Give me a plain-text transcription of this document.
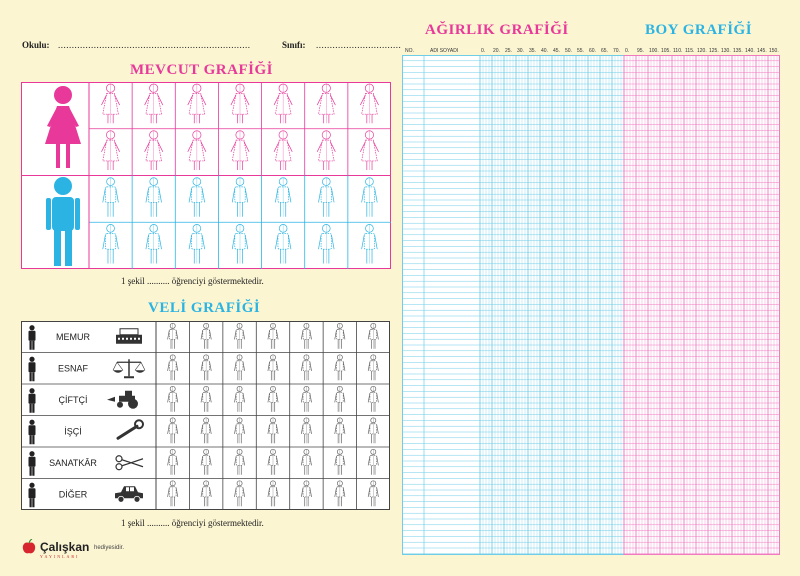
Okulu: ......................................................................	Sınıfı: ...............................
MEVCUT GRAFİĞİ
1 şekil .......... öğrenciyi göstermektedir.
VELİ GRAFİĞİ
MEMUR
ESNAF
ÇİFTÇİ
İŞÇİ
SANATKÂR
DİĞER
1 şekil .......... öğrenciyi göstermektedir.
Çalışkan
YAYINLARI
hediyesidir.
AĞIRLIK GRAFİĞİ	BOY GRAFİĞİ
NO.	ADI SOYADI	0. 20. 25. 30. 35. 40. 45. 50. 55. 60. 65. 70. 0. 95. 100. 105. 110. 115. 120. 125. 130. 135. 140. 145. 150.
